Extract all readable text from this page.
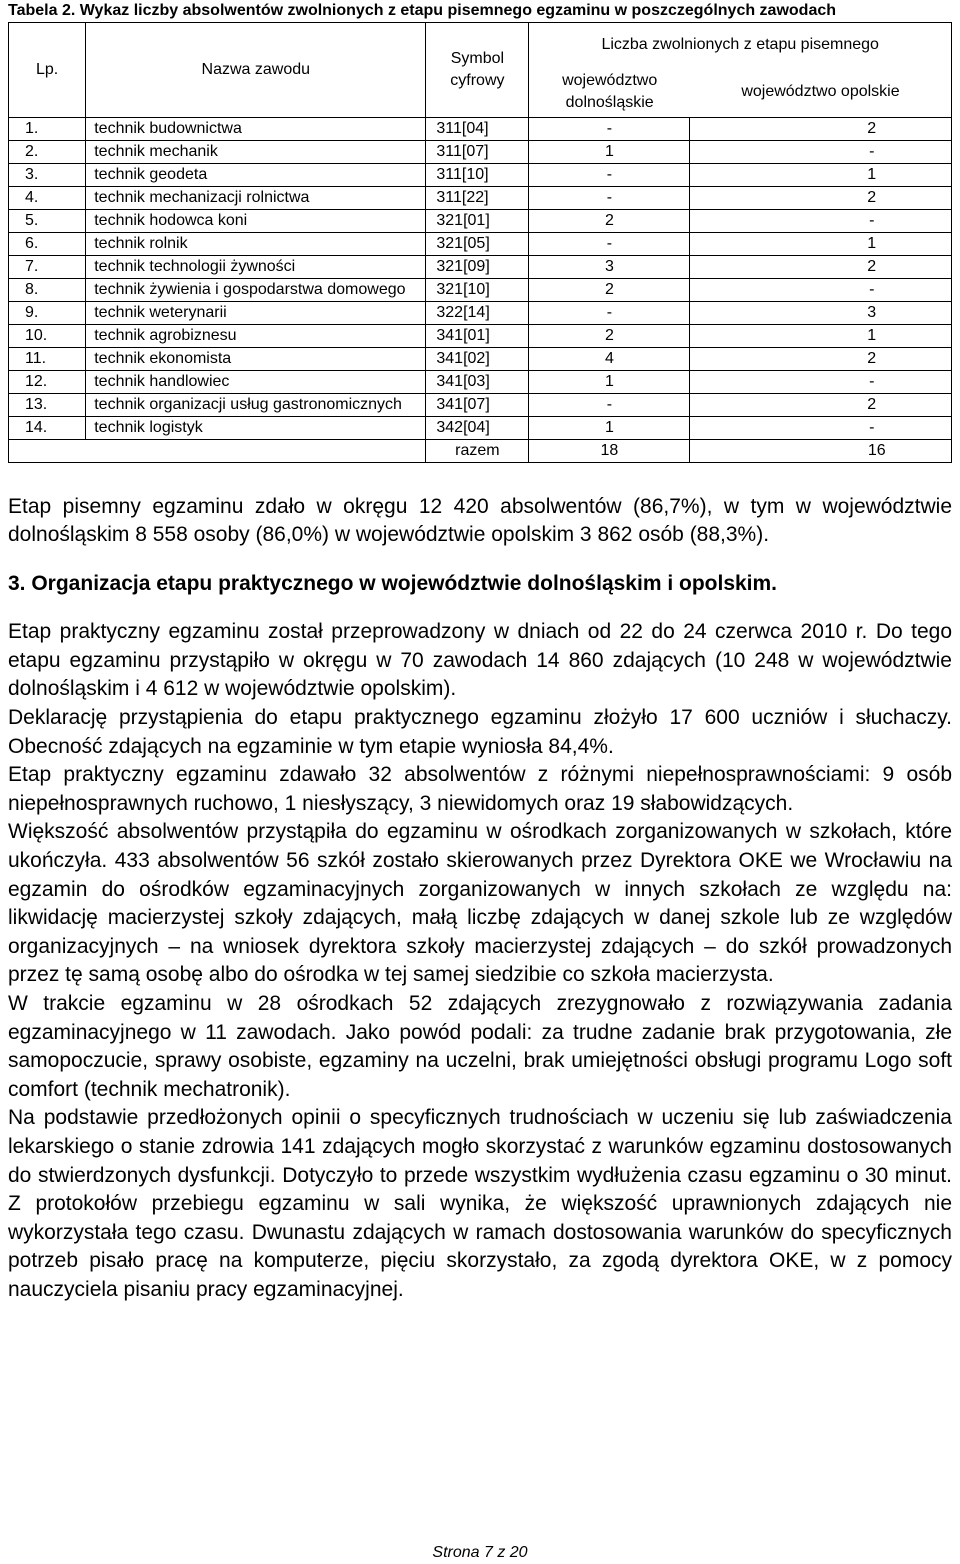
Tabela 2. Wykaz liczby absolwentów zwolnionych z etapu pisemnego egzaminu w poszczególnych zawodach

Lp.	Nazwa zawodu	Symbol cyfrowy	Liczba zwolnionych z etapu pisemnego	
			województwo dolnośląskie	województwo opolskie
1.	technik budownictwa	311[04]	-	2
2.	technik mechanik	311[07]	1	-
3.	technik geodeta	311[10]	-	1
4.	technik mechanizacji rolnictwa	311[22]	-	2
5.	technik hodowca koni	321[01]	2	-
6.	technik rolnik	321[05]	-	1
7.	technik technologii żywności	321[09]	3	2
8.	technik żywienia i gospodarstwa domowego	321[10]	2	-
9.	technik weterynarii	322[14]	-	3
10.	technik agrobiznesu	341[01]	2	1
11.	technik ekonomista	341[02]	4	2
12.	technik handlowiec	341[03]	1	-
13.	technik organizacji usług gastronomicznych	341[07]	-	2
14.	technik logistyk	342[04]	1	-
		razem	18	16

Etap pisemny egzaminu zdało w okręgu 12 420 absolwentów (86,7%), w tym w województwie dolnośląskim 8 558 osoby (86,0%) w województwie opolskim 3 862 osób (88,3%).

3. Organizacja etapu praktycznego w województwie dolnośląskim i opolskim.

Etap praktyczny egzaminu został przeprowadzony w dniach od 22 do 24 czerwca 2010 r. Do tego etapu egzaminu przystąpiło w okręgu w 70 zawodach 14 860 zdających (10 248 w województwie dolnośląskim i 4 612 w województwie opolskim).

Deklarację przystąpienia do etapu praktycznego egzaminu złożyło 17 600 uczniów i słuchaczy. Obecność zdających na egzaminie w tym etapie wyniosła 84,4%.

Etap praktyczny egzaminu zdawało 32 absolwentów z różnymi niepełnosprawnościami: 9 osób niepełnosprawnych ruchowo, 1 niesłyszący, 3 niewidomych oraz 19 słabowidzących.

Większość absolwentów przystąpiła do egzaminu w ośrodkach zorganizowanych w szkołach, które ukończyła. 433 absolwentów 56 szkół zostało skierowanych przez Dyrektora OKE we Wrocławiu na egzamin do ośrodków egzaminacyjnych zorganizowanych w innych szkołach ze względu na: likwidację macierzystej szkoły zdających, małą liczbę zdających w danej szkole lub ze względów organizacyjnych – na wniosek dyrektora szkoły macierzystej zdających – do szkół prowadzonych przez tę samą osobę albo do ośrodka w tej samej siedzibie co szkoła macierzysta.

W trakcie egzaminu w 28 ośrodkach 52 zdających zrezygnowało z rozwiązywania zadania egzaminacyjnego w 11 zawodach. Jako powód podali: za trudne zadanie brak przygotowania, złe samopoczucie, sprawy osobiste, egzaminy na uczelni, brak umiejętności obsługi programu Logo soft comfort (technik mechatronik).

Na podstawie przedłożonych opinii o specyficznych trudnościach w uczeniu się lub zaświadczenia lekarskiego o stanie zdrowia 141 zdających mogło skorzystać z warunków egzaminu dostosowanych do stwierdzonych dysfunkcji. Dotyczyło to przede wszystkim wydłużenia czasu egzaminu o 30 minut. Z protokołów przebiegu egzaminu w sali wynika, że większość uprawnionych zdających nie wykorzystała tego czasu. Dwunastu zdających w ramach dostosowania warunków do specyficznych potrzeb pisało pracę na komputerze, pięciu skorzystało, za zgodą dyrektora OKE, w z pomocy nauczyciela pisaniu pracy egzaminacyjnej.

Strona 7 z 20
